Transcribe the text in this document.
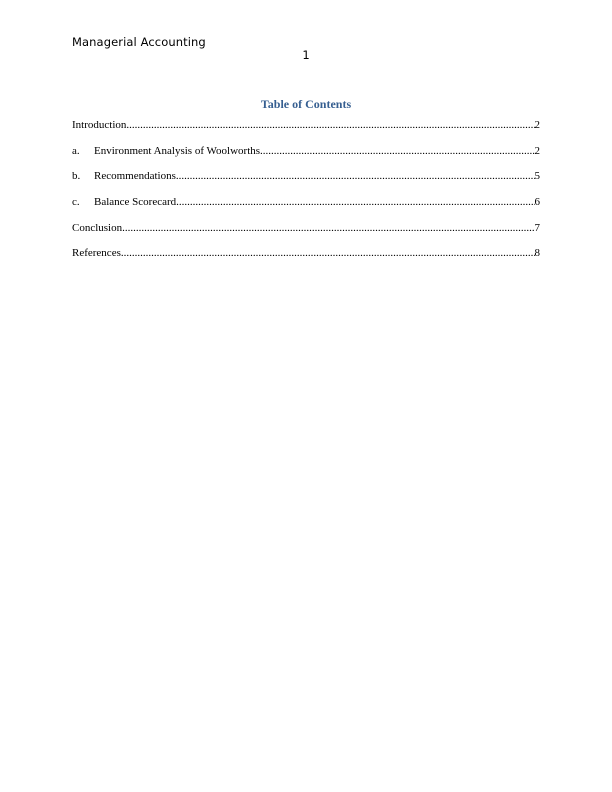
Managerial Accounting
1
Table of Contents
Introduction .....	2
a.	Environment Analysis of Woolworths .....	2
b.	Recommendations .....	5
c.	Balance Scorecard .....	6
Conclusion .....	7
References .....	8
